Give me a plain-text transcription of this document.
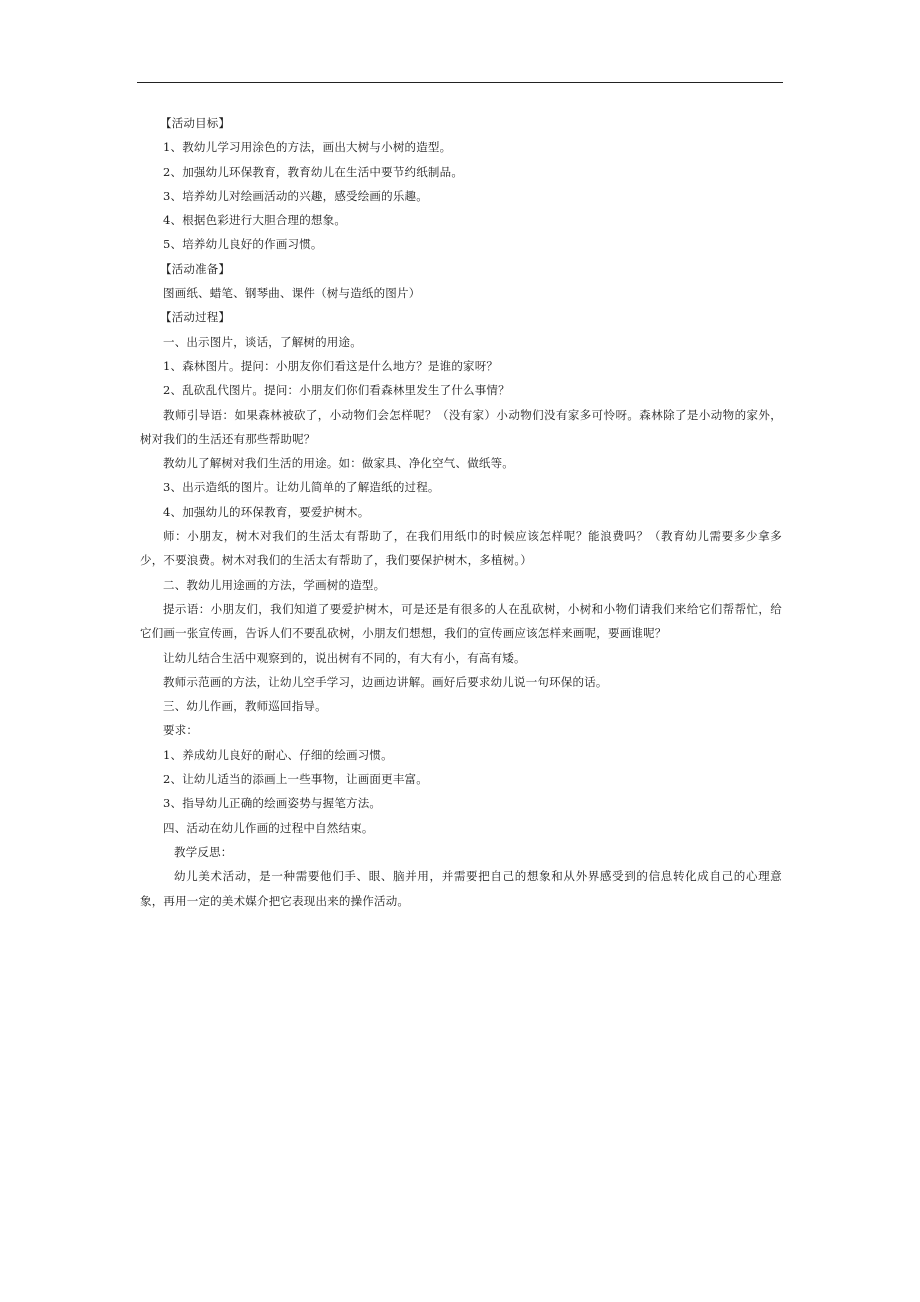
【活动目标】
1、教幼儿学习用涂色的方法，画出大树与小树的造型。
2、加强幼儿环保教育，教育幼儿在生活中要节约纸制品。
3、培养幼儿对绘画活动的兴趣，感受绘画的乐趣。
4、根据色彩进行大胆合理的想象。
5、培养幼儿良好的作画习惯。
【活动准备】
图画纸、蜡笔、钢琴曲、课件（树与造纸的图片）
【活动过程】
一、出示图片，谈话，了解树的用途。
1、森林图片。提问：小朋友你们看这是什么地方？是谁的家呀？
2、乱砍乱代图片。提问：小朋友们你们看森林里发生了什么事情？
教师引导语：如果森林被砍了，小动物们会怎样呢？（没有家）小动物们没有家多可怜呀。森林除了是小动物的家外，树对我们的生活还有那些帮助呢？
教幼儿了解树对我们生活的用途。如：做家具、净化空气、做纸等。
3、出示造纸的图片。让幼儿简单的了解造纸的过程。
4、加强幼儿的环保教育，要爱护树木。
师：小朋友，树木对我们的生活太有帮助了，在我们用纸巾的时候应该怎样呢？能浪费吗？（教育幼儿需要多少拿多少，不要浪费。树木对我们的生活太有帮助了，我们要保护树木，多植树。）
二、教幼儿用途画的方法，学画树的造型。
提示语：小朋友们，我们知道了要爱护树木，可是还是有很多的人在乱砍树，小树和小物们请我们来给它们帮帮忙，给它们画一张宣传画，告诉人们不要乱砍树，小朋友们想想，我们的宣传画应该怎样来画呢，要画谁呢？
让幼儿结合生活中观察到的，说出树有不同的，有大有小，有高有矮。
教师示范画的方法，让幼儿空手学习，边画边讲解。画好后要求幼儿说一句环保的话。
三、幼儿作画，教师巡回指导。
要求：
1、养成幼儿良好的耐心、仔细的绘画习惯。
2、让幼儿适当的添画上一些事物，让画面更丰富。
3、指导幼儿正确的绘画姿势与握笔方法。
四、活动在幼儿作画的过程中自然结束。
教学反思：
幼儿美术活动，是一种需要他们手、眼、脑并用，并需要把自己的想象和从外界感受到的信息转化成自己的心理意象，再用一定的美术媒介把它表现出来的操作活动。
